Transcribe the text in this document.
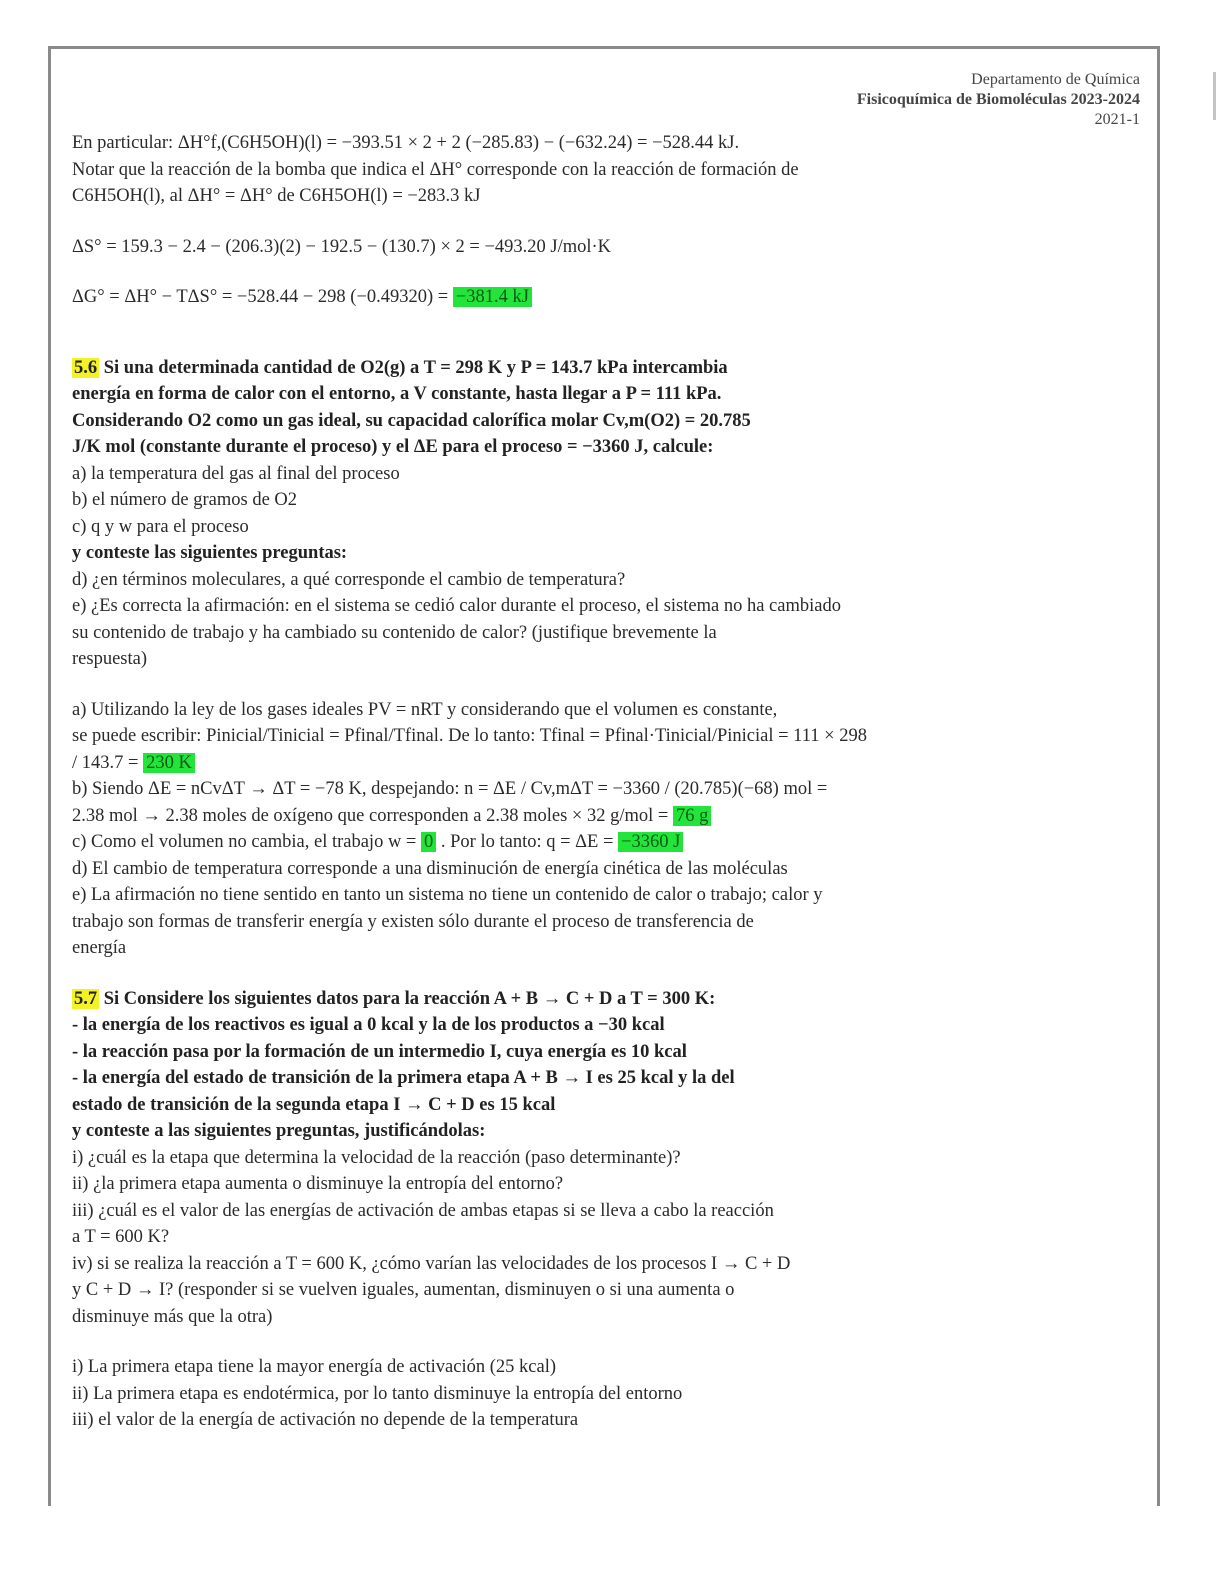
Departamento de Química
Fisicoquímica de Biomoléculas 2023-2024
2021-1

En particular: ΔH°f,(C6H5OH)(l) = −393.51 × 2 + 2 (−285.83) − (−632.24) = −528.44 kJ.

Notar que la reacción de la bomba que indica el ΔH° corresponde con la reacción de formación de

C6H5OH(l), al ΔH° = ΔH° de C6H5OH(l) = −283.3 kJ

ΔS° = 159.3 − 2.4 − (206.3)(2) − 192.5 − (130.7) × 2 = −493.20 J/mol·K

ΔG° = ΔH° − TΔS° = −528.44 − 298 (−0.49320) = −381.4 kJ

5.6 Si una determinada cantidad de O2(g) a T = 298 K y P = 143.7 kPa intercambia

energía en forma de calor con el entorno, a V constante, hasta llegar a P = 111 kPa.

Considerando O2 como un gas ideal, su capacidad calorífica molar Cv,m(O2) = 20.785

J/K mol (constante durante el proceso) y el ΔE para el proceso = −3360 J, calcule:

a) la temperatura del gas al final del proceso

b) el número de gramos de O2

c) q y w para el proceso

y conteste las siguientes preguntas:

d) ¿en términos moleculares, a qué corresponde el cambio de temperatura?

e) ¿Es correcta la afirmación: en el sistema se cedió calor durante el proceso, el sistema no ha cambiado

su contenido de trabajo y ha cambiado su contenido de calor? (justifique brevemente la

respuesta)

a) Utilizando la ley de los gases ideales PV = nRT y considerando que el volumen es constante,

se puede escribir: Pinicial/Tinicial = Pfinal/Tfinal. De lo tanto: Tfinal = Pfinal·Tinicial/Pinicial = 111 × 298

/ 143.7 = 230 K

b) Siendo ΔE = nCvΔT → ΔT = −78 K, despejando: n = ΔE / Cv,mΔT = −3360 / (20.785)(−68) mol =

2.38 mol → 2.38 moles de oxígeno que corresponden a 2.38 moles × 32 g/mol = 76 g

c) Como el volumen no cambia, el trabajo w = 0 . Por lo tanto: q = ΔE = −3360 J

d) El cambio de temperatura corresponde a una disminución de energía cinética de las moléculas

e) La afirmación no tiene sentido en tanto un sistema no tiene un contenido de calor o trabajo; calor y

trabajo son formas de transferir energía y existen sólo durante el proceso de transferencia de

energía

5.7 Si Considere los siguientes datos para la reacción A + B → C + D a T = 300 K:

- la energía de los reactivos es igual a 0 kcal y la de los productos a −30 kcal

- la reacción pasa por la formación de un intermedio I, cuya energía es 10 kcal

- la energía del estado de transición de la primera etapa A + B → I es 25 kcal y la del

estado de transición de la segunda etapa I → C + D es 15 kcal

y conteste a las siguientes preguntas, justificándolas:

i) ¿cuál es la etapa que determina la velocidad de la reacción (paso determinante)?

ii) ¿la primera etapa aumenta o disminuye la entropía del entorno?

iii) ¿cuál es el valor de las energías de activación de ambas etapas si se lleva a cabo la reacción

a T = 600 K?

iv) si se realiza la reacción a T = 600 K, ¿cómo varían las velocidades de los procesos I → C + D

y C + D → I? (responder si se vuelven iguales, aumentan, disminuyen o si una aumenta o

disminuye más que la otra)

i) La primera etapa tiene la mayor energía de activación (25 kcal)

ii) La primera etapa es endotérmica, por lo tanto disminuye la entropía del entorno

iii) el valor de la energía de activación no depende de la temperatura
